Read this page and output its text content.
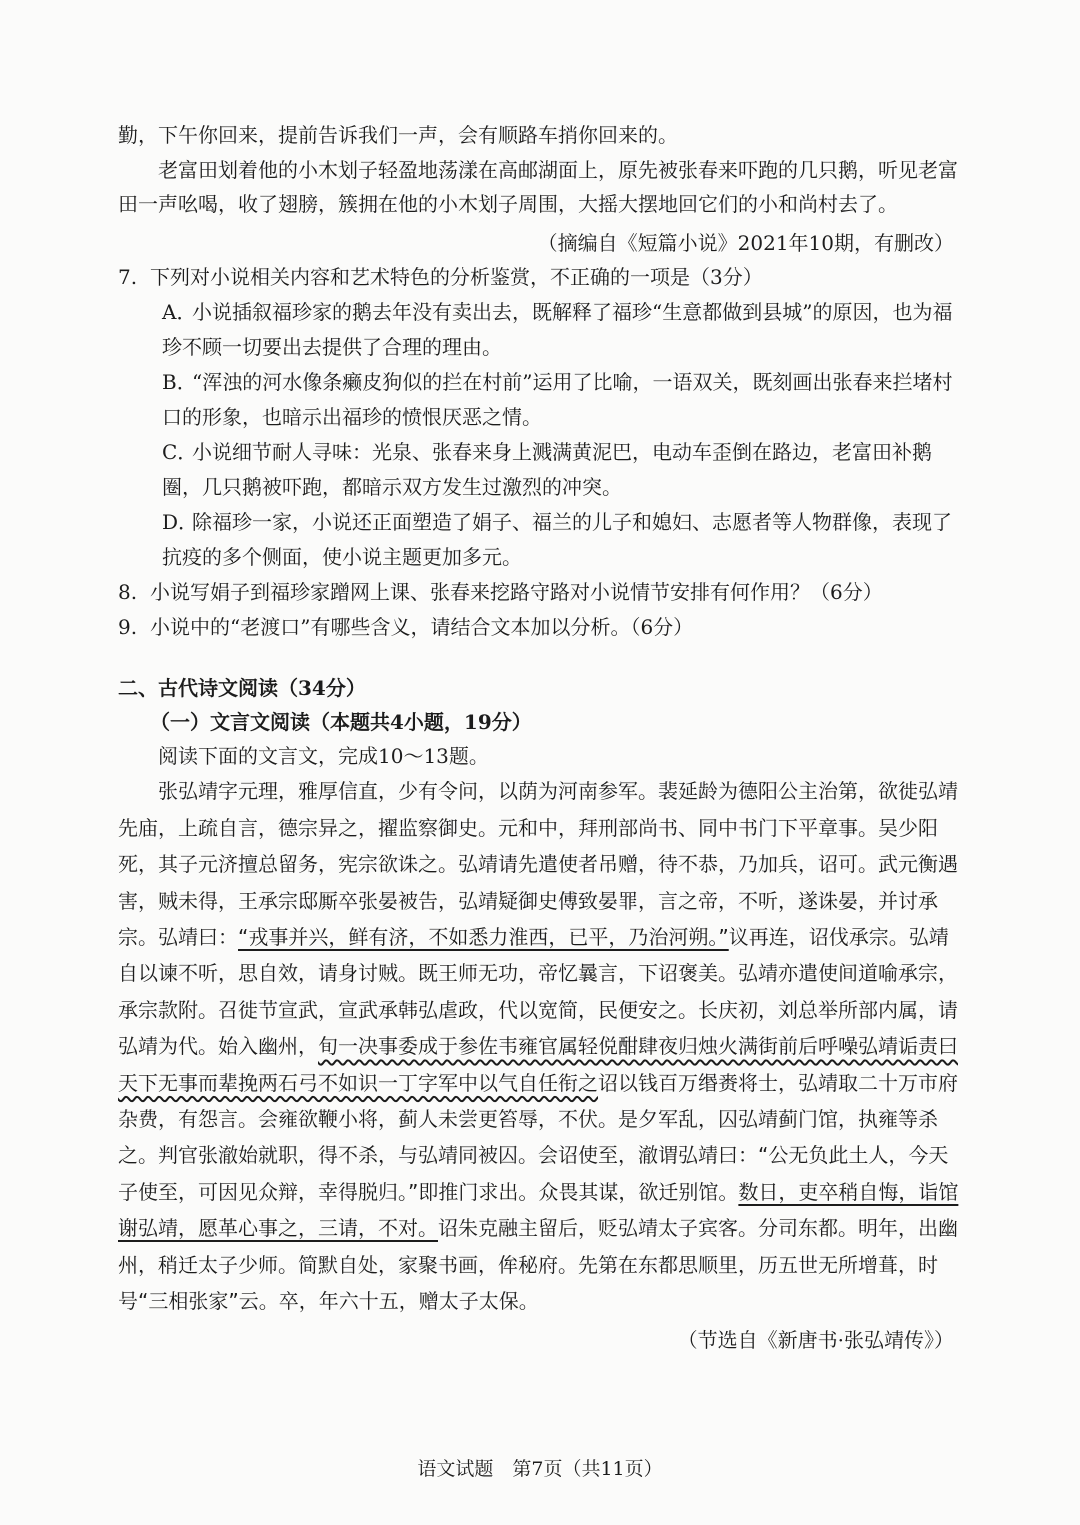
勤，下午你回来，提前告诉我们一声，会有顺路车捎你回来的。

老富田划着他的小木划子轻盈地荡漾在高邮湖面上，原先被张春来吓跑的几只鹅，听见老富田一声吆喝，收了翅膀，簇拥在他的小木划子周围，大摇大摆地回它们的小和尚村去了。

（摘编自《短篇小说》2021年10期，有删改）

7. 下列对小说相关内容和艺术特色的分析鉴赏，不正确的一项是（3分）

A．小说插叙福珍家的鹅去年没有卖出去，既解释了福珍“生意都做到县城”的原因，也为福珍不顾一切要出去提供了合理的理由。
B．“浑浊的河水像条癞皮狗似的拦在村前”运用了比喻，一语双关，既刻画出张春来拦堵村口的形象，也暗示出福珍的愤恨厌恶之情。
C．小说细节耐人寻味：光泉、张春来身上溅满黄泥巴，电动车歪倒在路边，老富田补鹅圈，几只鹅被吓跑，都暗示双方发生过激烈的冲突。
D．除福珍一家，小说还正面塑造了娟子、福兰的儿子和媳妇、志愿者等人物群像，表现了抗疫的多个侧面，使小说主题更加多元。

8. 小说写娟子到福珍家蹭网上课、张春来挖路守路对小说情节安排有何作用？（6分）

9. 小说中的“老渡口”有哪些含义，请结合文本加以分析。（6分）

二、古代诗文阅读（34分）
（一）文言文阅读（本题共4小题，19分）
阅读下面的文言文，完成10～13题。

张弘靖字元理，雅厚信直，少有令问，以荫为河南参军。裴延龄为德阳公主治第，欲徙弘靖先庙，上疏自言，德宗异之，擢监察御史。元和中，拜刑部尚书、同中书门下平章事。吴少阳死，其子元济擅总留务，宪宗欲诛之。弘靖请先遣使者吊赠，待不恭，乃加兵，诏可。武元衡遇害，贼未得，王承宗邸厮卒张晏被告，弘靖疑御史傅致晏罪，言之帝，不听，遂诛晏，并讨承宗。弘靖曰：“戎事并兴，鲜有济，不如悉力淮西，已平，乃治河朔。”议再连，诏伐承宗。弘靖自以谏不听，思自效，请身讨贼。既王师无功，帝忆曩言，下诏褒美。弘靖亦遣使间道喻承宗，承宗款附。召徙节宣武，宣武承韩弘虐政，代以宽简，民便安之。长庆初，刘总举所部内属，请弘靖为代。始入幽州，旬一决事委成于参佐韦雍官属轻侻酣肆夜归烛火满街前后呼噪弘靖诟责曰天下无事而辈挽两石弓不如识一丁字军中以气自任衔之诏以钱百万缗赉将士，弘靖取二十万市府杂费，有怨言。会雍欲鞭小将，蓟人未尝更笞辱，不伏。是夕军乱，囚弘靖蓟门馆，执雍等杀之。判官张澈始就职，得不杀，与弘靖同被囚。会诏使至，澈谓弘靖曰：“公无负此土人，今天子使至，可因见众辩，幸得脱归。”即推门求出。众畏其谋，欲迁别馆。数日，吏卒稍自悔，诣馆谢弘靖，愿革心事之，三请，不对。诏朱克融主留后，贬弘靖太子宾客。分司东都。明年，出幽州，稍迁太子少师。简默自处，家聚书画，侔秘府。先第在东都思顺里，历五世无所增葺，时号“三相张家”云。卒，年六十五，赠太子太保。

（节选自《新唐书·张弘靖传》）

语文试题　第7页（共11页）
